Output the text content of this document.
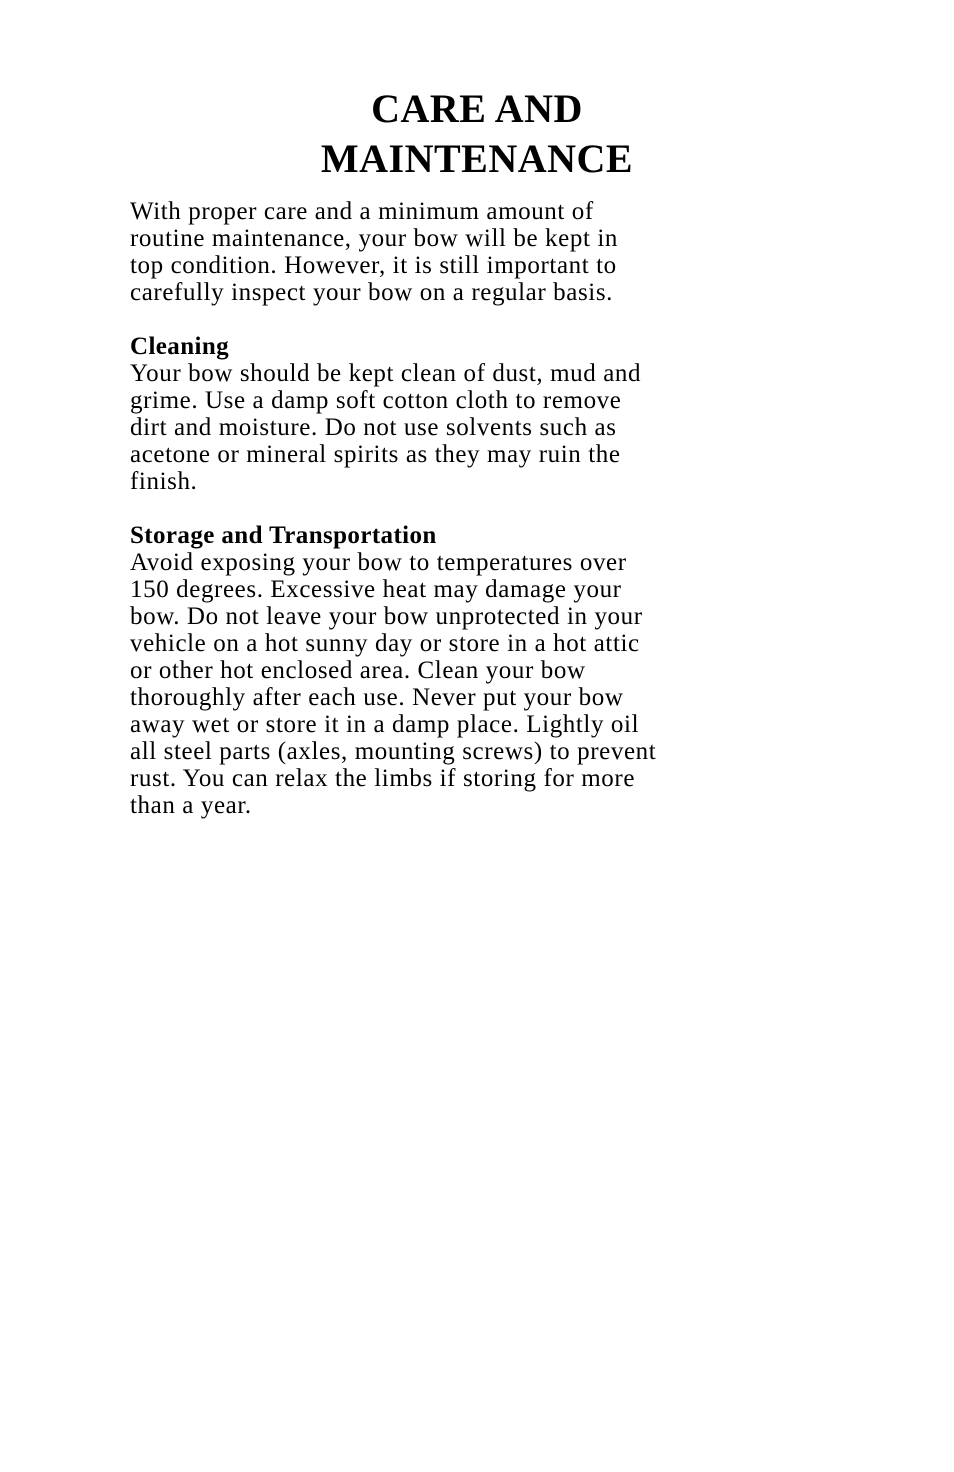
CARE AND
MAINTENANCE

With proper care and a minimum amount of
routine maintenance, your bow will be kept in
top condition. However, it is still important to
carefully inspect your bow on a regular basis.

Cleaning

Your bow should be kept clean of dust, mud and
grime. Use a damp soft cotton cloth to remove
dirt and moisture. Do not use solvents such as
acetone or mineral spirits as they may ruin the
finish.

Storage and Transportation

Avoid exposing your bow to temperatures over
150 degrees. Excessive heat may damage your
bow. Do not leave your bow unprotected in your
vehicle on a hot sunny day or store in a hot attic
or other hot enclosed area. Clean your bow
thoroughly after each use. Never put your bow
away wet or store it in a damp place. Lightly oil
all steel parts (axles, mounting screws) to prevent
rust. You can relax the limbs if storing for more
than a year.
